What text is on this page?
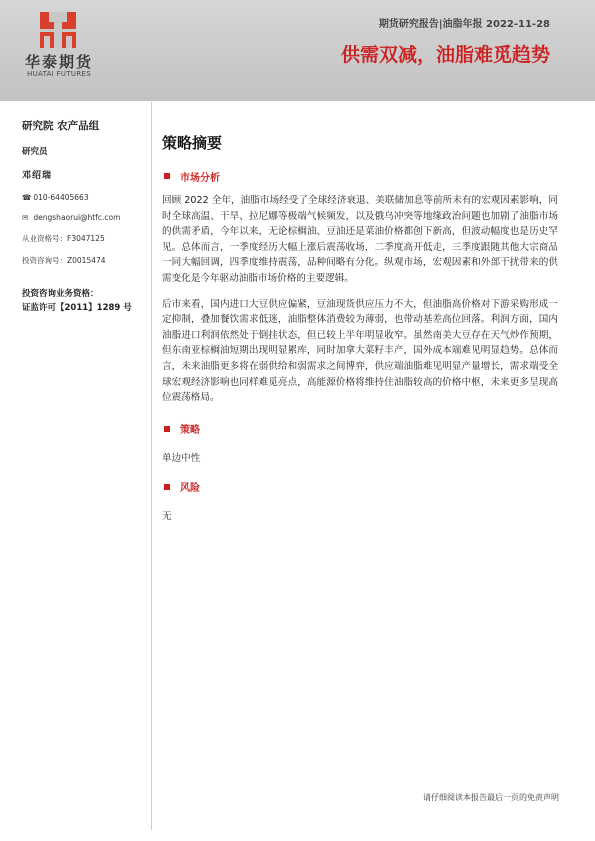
华泰期货
HUATAI FUTURES
期货研究报告|油脂年报 2022-11-28
供需双减，油脂难觅趋势
研究院 农产品组
研究员
邓绍瑞
☎ 010-64405663
✉ dengshaorui@htfc.com
从业资格号：F3047125
投资咨询号：Z0015474
投资咨询业务资格：
证监许可【2011】1289 号
策略摘要
市场分析

回顾 2022 全年，油脂市场经受了全球经济衰退、美联储加息等前所未有的宏观因素影响，同时全球高温、干旱、拉尼娜等极端气候频发，以及俄乌冲突等地缘政治问题也加剧了油脂市场的供需矛盾，今年以来，无论棕榈油、豆油还是菜油价格都创下新高，但波动幅度也是历史罕见。总体而言，一季度经历大幅上涨后震荡收场，二季度高开低走，三季度跟随其他大宗商品一同大幅回调，四季度维持震荡，品种间略有分化。纵观市场，宏观因素和外部干扰带来的供需变化是今年驱动油脂市场价格的主要逻辑。

后市来看，国内进口大豆供应偏紧，豆油现货供应压力不大，但油脂高价格对下游采购形成一定抑制，叠加餐饮需求低迷，油脂整体消费较为薄弱，也带动基差高位回落。利润方面，国内油脂进口利润依然处于倒挂状态，但已较上半年明显收窄。虽然南美大豆存在天气炒作预期，但东南亚棕榈油短期出现明显累库，同时加拿大菜籽丰产，国外成本端难见明显趋势。总体而言，未来油脂更多将在弱供给和弱需求之间博弈，供应端油脂难见明显产量增长，需求端受全球宏观经济影响也同样难觅亮点，高能源价格将维持住油脂较高的价格中枢，未来更多呈现高位震荡格局。

策略

单边中性

风险

无

请仔细阅读本报告最后一页的免责声明
